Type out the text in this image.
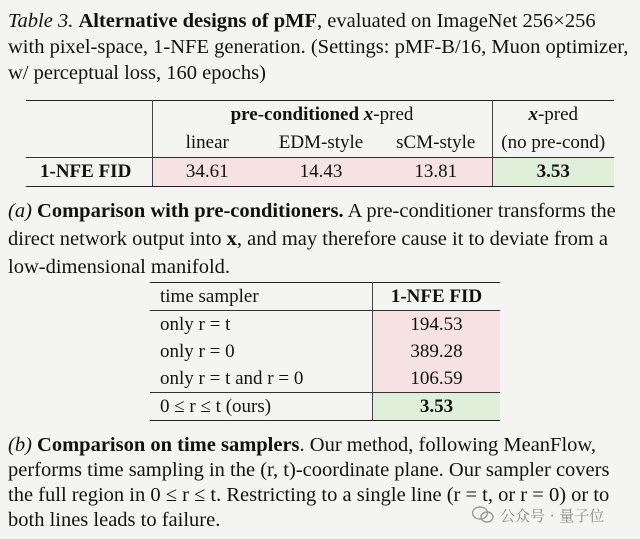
Table 3. Alternative designs of pMF, evaluated on ImageNet 256×256 with pixel-space, 1-NFE generation. (Settings: pMF-B/16, Muon optimizer, w/ perceptual loss, 160 epochs)
	pre-conditioned x-pred			x-pred
	linear	EDM-style	sCM-style	(no pre-cond)
1-NFE FID	34.61	14.43	13.81	3.53
(a) Comparison with pre-conditioners. A pre-conditioner transforms the direct network output into x, and may therefore cause it to deviate from a low-dimensional manifold.
time sampler	1-NFE FID
only r = t	194.53
only r = 0	389.28
only r = t and r = 0	106.59
0 ≤ r ≤ t (ours)	3.53
(b) Comparison on time samplers. Our method, following MeanFlow, performs time sampling in the (r, t)-coordinate plane. Our sampler covers the full region in 0 ≤ r ≤ t. Restricting to a single line (r = t, or r = 0) or to both lines leads to failure.	公众号 · 量子位
